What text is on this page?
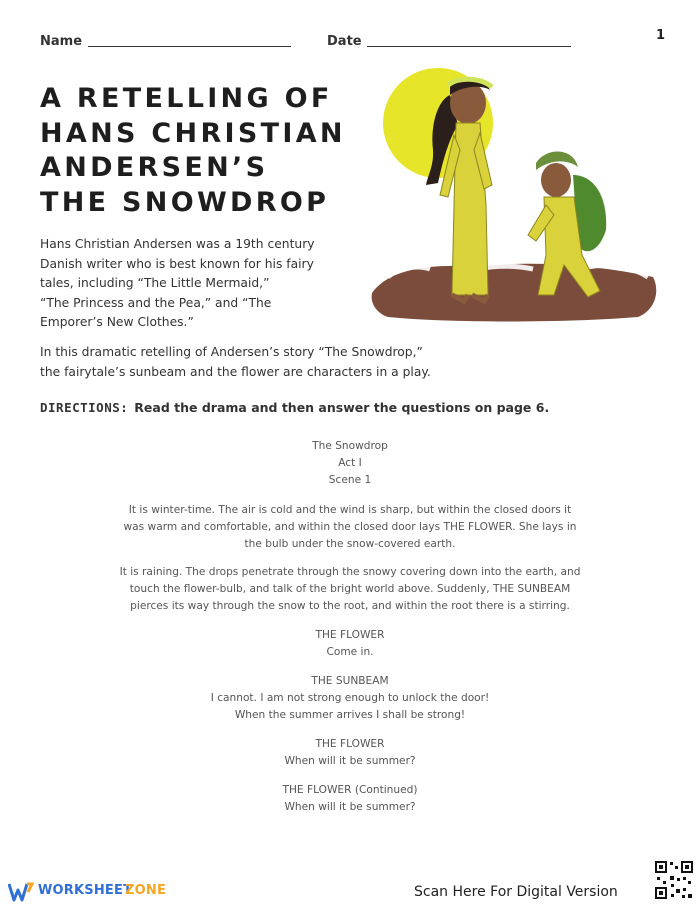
Name	Date	1
A RETELLING OF
HANS CHRISTIAN
ANDERSEN’S
THE SNOWDROP
Hans Christian Andersen was a 19th century
Danish writer who is best known for his fairy
tales, including “The Little Mermaid,”
“The Princess and the Pea,” and “The
Emporer’s New Clothes.”
In this dramatic retelling of Andersen’s story “The Snowdrop,”
the fairytale’s sunbeam and the flower are characters in a play.
DIRECTIONS: Read the drama and then answer the questions on page 6.
The Snowdrop
Act I
Scene 1
It is winter-time. The air is cold and the wind is sharp, but within the closed doors it
was warm and comfortable, and within the closed door lays THE FLOWER. She lays in
the bulb under the snow-covered earth.
It is raining. The drops penetrate through the snowy covering down into the earth, and
touch the flower-bulb, and talk of the bright world above. Suddenly, THE SUNBEAM
pierces its way through the snow to the root, and within the root there is a stirring.
THE FLOWER
Come in.
THE SUNBEAM
I cannot. I am not strong enough to unlock the door!
When the summer arrives I shall be strong!
THE FLOWER
When will it be summer?
THE FLOWER (Continued)
When will it be summer?
WORKSHEET
ZONE	Scan Here For Digital Version
